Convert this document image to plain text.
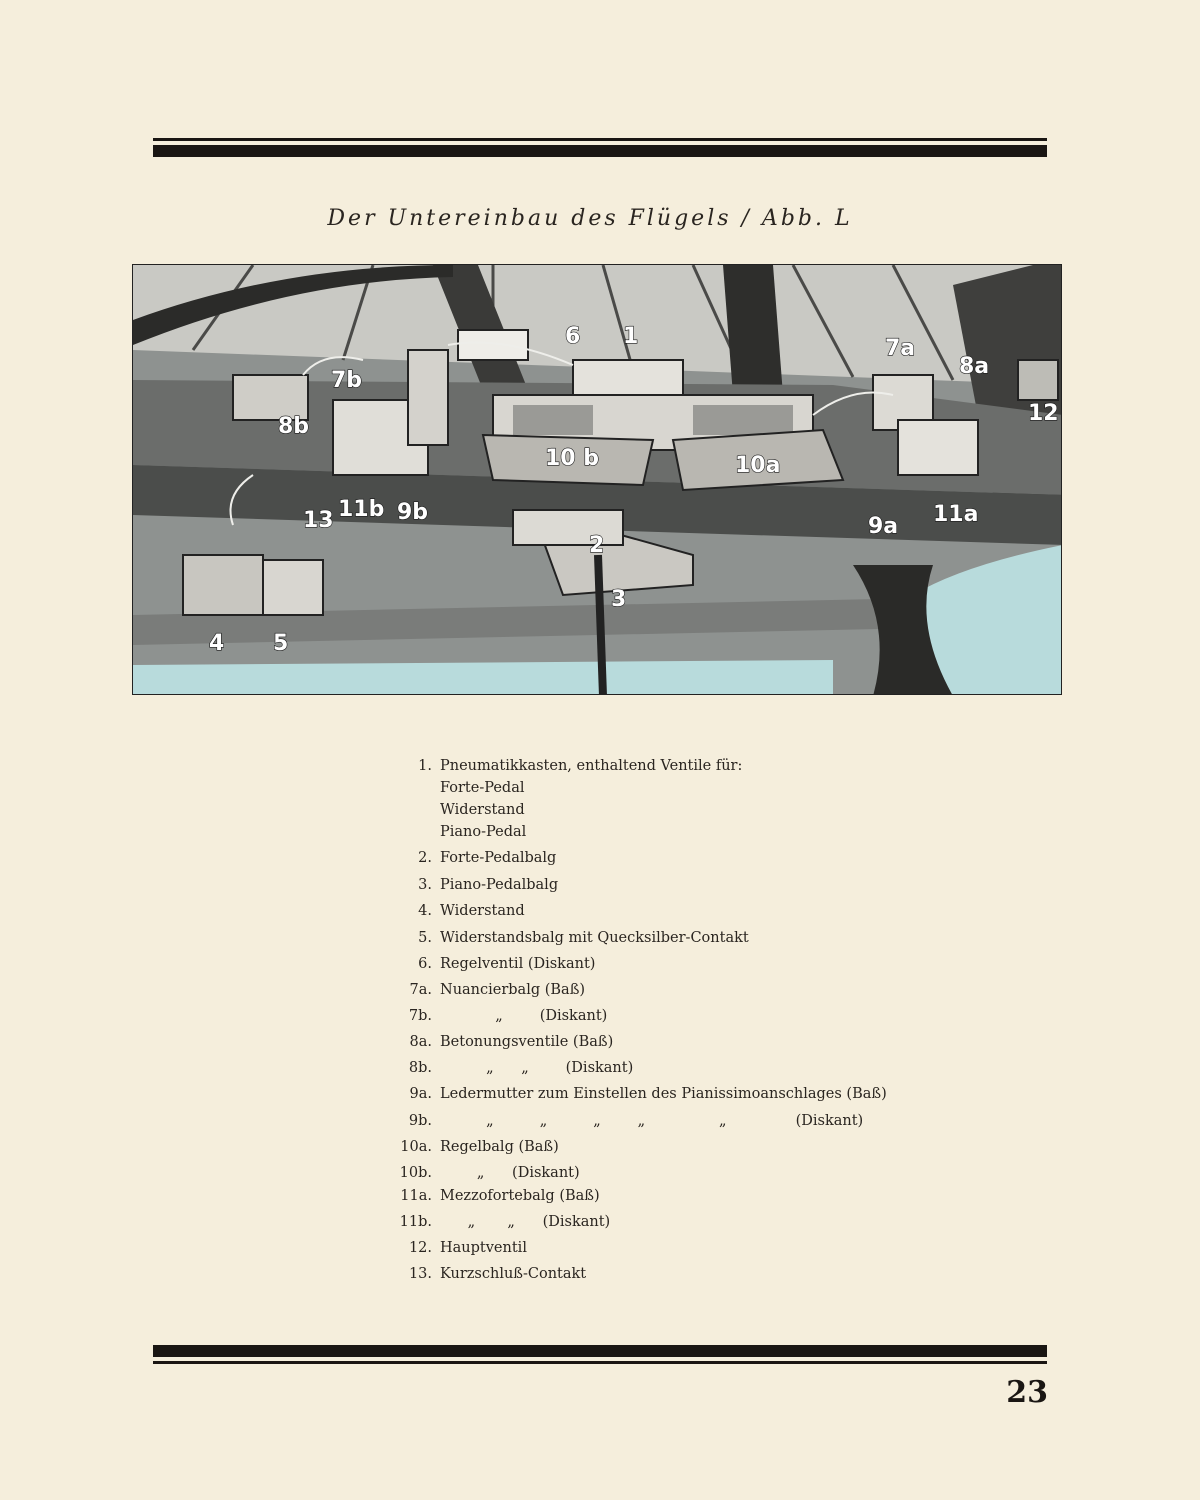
Der Untereinbau des Flügels / Abb. L
6 1	7a
8a
12
7b
8b
10 b	10a
11b 9b
9a 11a
13
2
3
4 5
1. Pneumatikkasten, enthaltend Ventile für:
Forte-Pedal
Widerstand
Piano-Pedal
2. Forte-Pedalbalg
3. Piano-Pedalbalg
4. Widerstand
5. Widerstandsbalg mit Quecksilber-Contakt
6. Regelventil (Diskant)
7a. Nuancierbalg (Baß)
7b. „        (Diskant)
8a. Betonungsventile (Baß)
8b. „      „        (Diskant)
9a. Ledermutter zum Einstellen des Pianissimoanschlages (Baß)
9b. „          „          „        „                „               (Diskant)
10a. Regelbalg (Baß)
10b. „      (Diskant)
11a. Mezzofortebalg (Baß)
11b. „       „      (Diskant)
12. Hauptventil
13. Kurzschluß-Contakt
23
